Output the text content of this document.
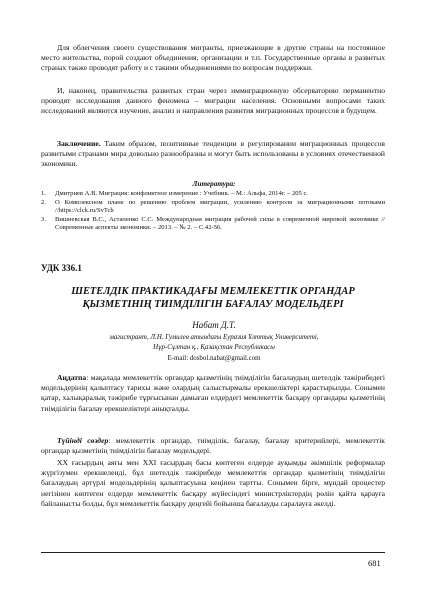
Для облегчения своего существования мигранты, приезжающие в другие страны на постоянное место жительства, порой создают объединения, организации и т.п. Государственные органы в развитых странах также проводят работу и с такими объединениями по вопросам поддержки.

И, наконец, правительства развитых стран через иммиграционную обсерваторию перманентно проводят исследования данного феномена – миграции населения. Основными вопросами таких исследований являются изучение, анализ и направления развития миграционных процессов в будущем.

Заключение. Таким образом, позитивные тенденции в регулировании миграционных процессов развитыми странами мира довольно разнообразны и могут быть использованы в условиях отечественной экономики.

Литература:

1. Дмитриев А.В. Миграция: конфликтное измерение : Учебник. – М.: Альфа, 2014г. – 205 с.
2. О Комплексном плане по решению проблем миграции, усилению контроля за миграционными потоками //https://clck.ru/SvTch
3. Вишневская В.С., Астапенко С.С. Международная миграция рабочей силы в современной мировой экономике // Современные аспекты экономики. – 2013. – № 2. – С.42-56.

УДК 336.1

ШЕТЕЛДІК ПРАКТИКАДАҒЫ МЕМЛЕКЕТТІК ОРГАНДАР

ҚЫЗМЕТІНІҢ ТИІМДІЛІГІН БАҒАЛАУ МОДЕЛЬДЕРІ

Набат Д.Т.

магистрант, Л.Н. Гумилев атындағы Еуразия Ұлттық Университеті,

Нұр-Сұлтан қ., Қазақстан Республикасы

E-mail: dosbol.nabat@gmail.com

Аңдатпа: мақалада мемлекеттік органдар қызметінің тиімділігін бағалаудың шетелдік тәжірибедегі модельдерінің қалыптасу тарихы және олардың салыстырмалы ерекшеліктері қарастырылды. Сонымен қатар, халықаралық тәжірибе тұрғысынан дамыған елдердегі мемлекеттік басқару органдары қызметінің тиімділігін бағалау ерекшеліктері анықталды.

Түйінді сөздер: мемлекеттік органдар, тиімділік, бағалау, бағалау критерийлері, мемлекеттік органдар қызметінің тиімділігін бағалау модельдері.

XX ғасырдың аяғы мен XXI ғасырдың басы көптеген елдерде ауқымды әкімшілік реформалар жүргізумен ерекшеленді, бұл шетелдік тәжірибеде мемлекеттік органдар қызметінің тиімділігін бағалаудың әртүрлі модельдерінің қалыптасуына кеңінен тартты. Сонымен бірге, мұндай процестер негізінен көптеген елдерде мемлекеттік басқару жүйесіндегі министрліктердің рөлін қайта қарауға байланысты болды, бұл мемлекеттік басқару деңгейі бойынша бағалауды саралауға әкелді.

681
